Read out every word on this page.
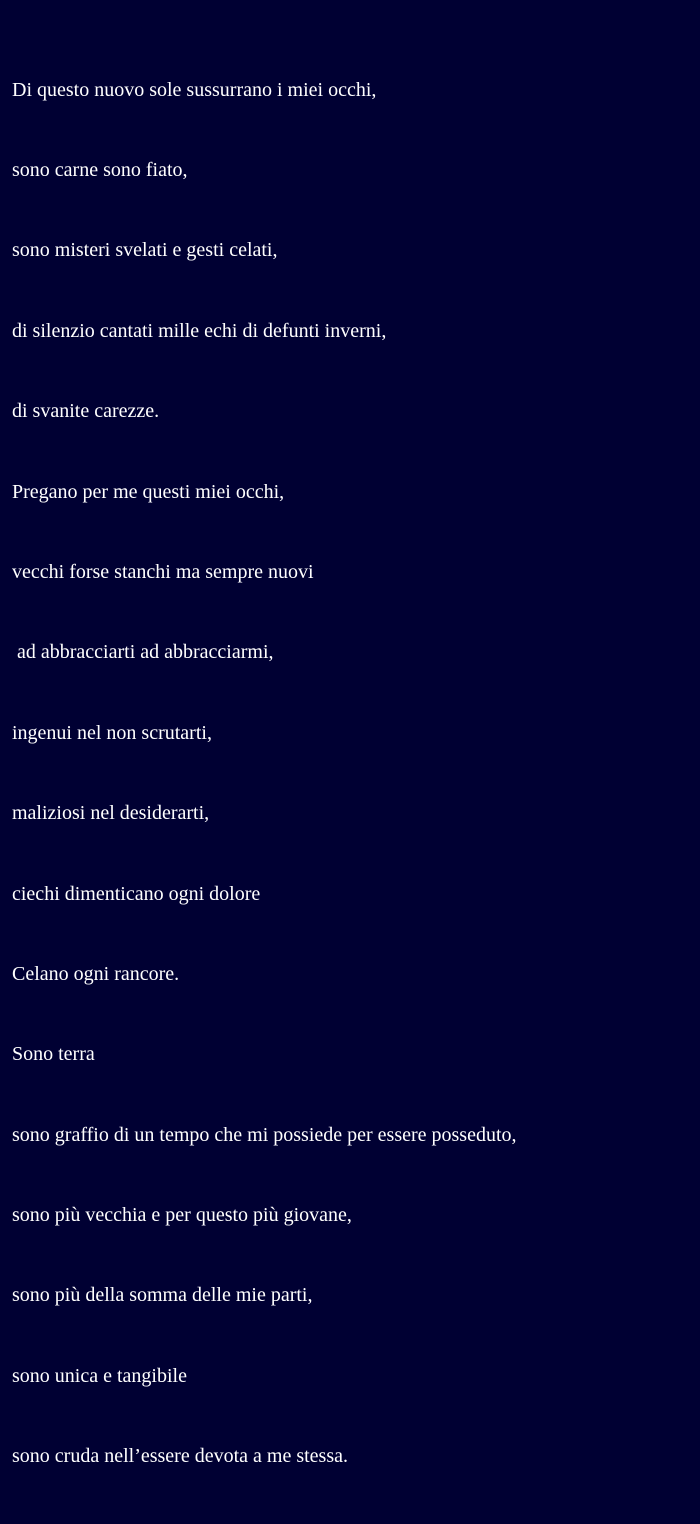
Di questo nuovo sole sussurrano i miei occhi,

sono carne sono fiato,

sono misteri svelati e gesti celati,

di silenzio cantati mille echi di defunti inverni,

di svanite carezze.

Pregano per me questi miei occhi,

vecchi forse stanchi ma sempre nuovi

ad abbracciarti ad abbracciarmi,

ingenui nel non scrutarti,

maliziosi nel desiderarti,

ciechi dimenticano ogni dolore

Celano ogni rancore.

Sono terra

sono graffio di un tempo che mi possiede per essere posseduto,

sono più vecchia e per questo più giovane,

sono più della somma delle mie parti,

sono unica e tangibile

sono cruda nell’essere devota a me stessa.
